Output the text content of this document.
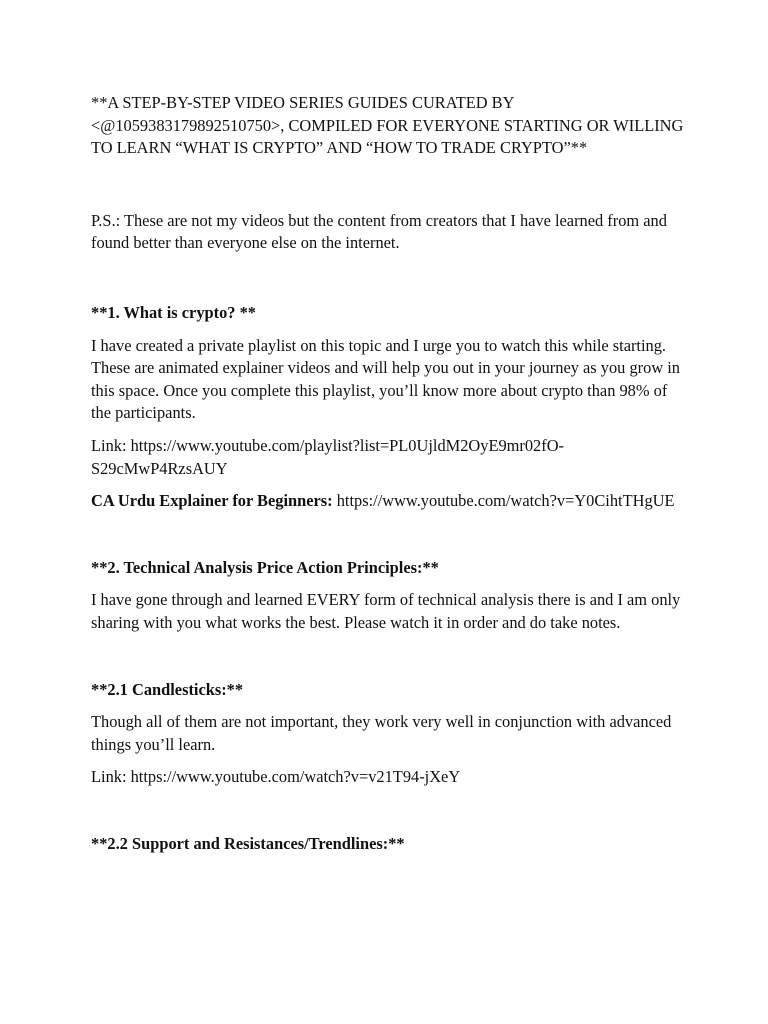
**A STEP-BY-STEP VIDEO SERIES GUIDES CURATED BY <@1059383179892510750>, COMPILED FOR EVERYONE STARTING OR WILLING TO LEARN “WHAT IS CRYPTO” AND “HOW TO TRADE CRYPTO”**

P.S.: These are not my videos but the content from creators that I have learned from and found better than everyone else on the internet.

**1. What is crypto? **

I have created a private playlist on this topic and I urge you to watch this while starting. These are animated explainer videos and will help you out in your journey as you grow in this space. Once you complete this playlist, you’ll know more about crypto than 98% of the participants.

Link: https://www.youtube.com/playlist?list=PL0UjldM2OyE9mr02fO-S29cMwP4RzsAUY

CA Urdu Explainer for Beginners: https://www.youtube.com/watch?v=Y0CihtTHgUE

**2. Technical Analysis Price Action Principles:**

I have gone through and learned EVERY form of technical analysis there is and I am only sharing with you what works the best. Please watch it in order and do take notes.

**2.1 Candlesticks:**

Though all of them are not important, they work very well in conjunction with advanced things you’ll learn.

Link: https://www.youtube.com/watch?v=v21T94-jXeY

**2.2 Support and Resistances/Trendlines:**
